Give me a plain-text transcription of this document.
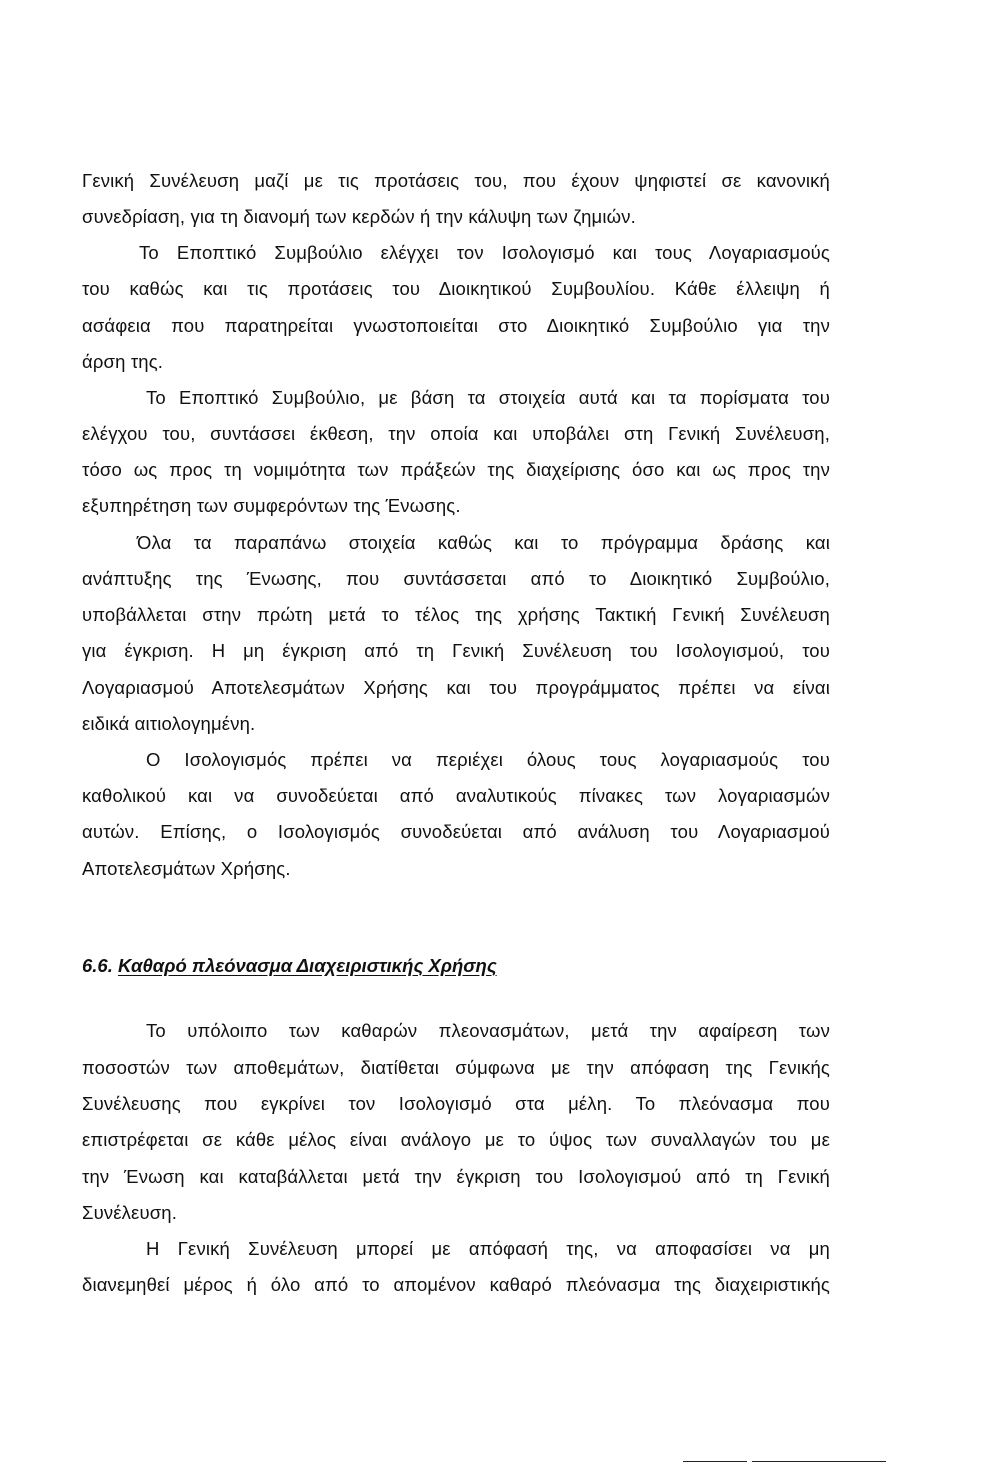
Γενική Συνέλευση μαζί με τις προτάσεις του, που έχουν ψηφιστεί σε κανονική
συνεδρίαση, για τη διανομή των κερδών ή την κάλυψη των ζημιών.
Το Εποπτικό Συμβούλιο ελέγχει τον Ισολογισμό και τους Λογαριασμούς
του καθώς και τις προτάσεις του Διοικητικού Συμβουλίου. Κάθε έλλειψη ή
ασάφεια που παρατηρείται γνωστοποιείται στο Διοικητικό Συμβούλιο για την
άρση της.
Το Εποπτικό Συμβούλιο, με βάση τα στοιχεία αυτά και τα πορίσματα του
ελέγχου του, συντάσσει έκθεση, την οποία και υποβάλει στη Γενική Συνέλευση,
τόσο ως προς τη νομιμότητα των πράξεών της διαχείρισης όσο και ως προς την
εξυπηρέτηση των συμφερόντων της Ένωσης.
Όλα τα παραπάνω στοιχεία καθώς και το πρόγραμμα δράσης και
ανάπτυξης της Ένωσης, που συντάσσεται από το Διοικητικό Συμβούλιο,
υποβάλλεται στην πρώτη μετά το τέλος της χρήσης Τακτική Γενική Συνέλευση
για έγκριση. Η μη έγκριση από τη Γενική Συνέλευση του Ισολογισμού, του
Λογαριασμού Αποτελεσμάτων Χρήσης και του προγράμματος πρέπει να είναι
ειδικά αιτιολογημένη.
Ο Ισολογισμός πρέπει να περιέχει όλους τους λογαριασμούς του
καθολικού και να συνοδεύεται από αναλυτικούς πίνακες των λογαριασμών
αυτών. Επίσης, ο Ισολογισμός συνοδεύεται από ανάλυση του Λογαριασμού
Αποτελεσμάτων Χρήσης.
6.6. Καθαρό πλεόνασμα Διαχειριστικής Χρήσης
Το υπόλοιπο των καθαρών πλεονασμάτων, μετά την αφαίρεση των
ποσοστών των αποθεμάτων, διατίθεται σύμφωνα με την απόφαση της Γενικής
Συνέλευσης που εγκρίνει τον Ισολογισμό στα μέλη. Το πλεόνασμα που
επιστρέφεται σε κάθε μέλος είναι ανάλογο με το ύψος των συναλλαγών του με
την Ένωση και καταβάλλεται μετά την έγκριση του Ισολογισμού από τη Γενική
Συνέλευση.
Η Γενική Συνέλευση μπορεί με απόφασή της, να αποφασίσει να μη
διανεμηθεί μέρος ή όλο από το απομένον καθαρό πλεόνασμα της διαχειριστικής
